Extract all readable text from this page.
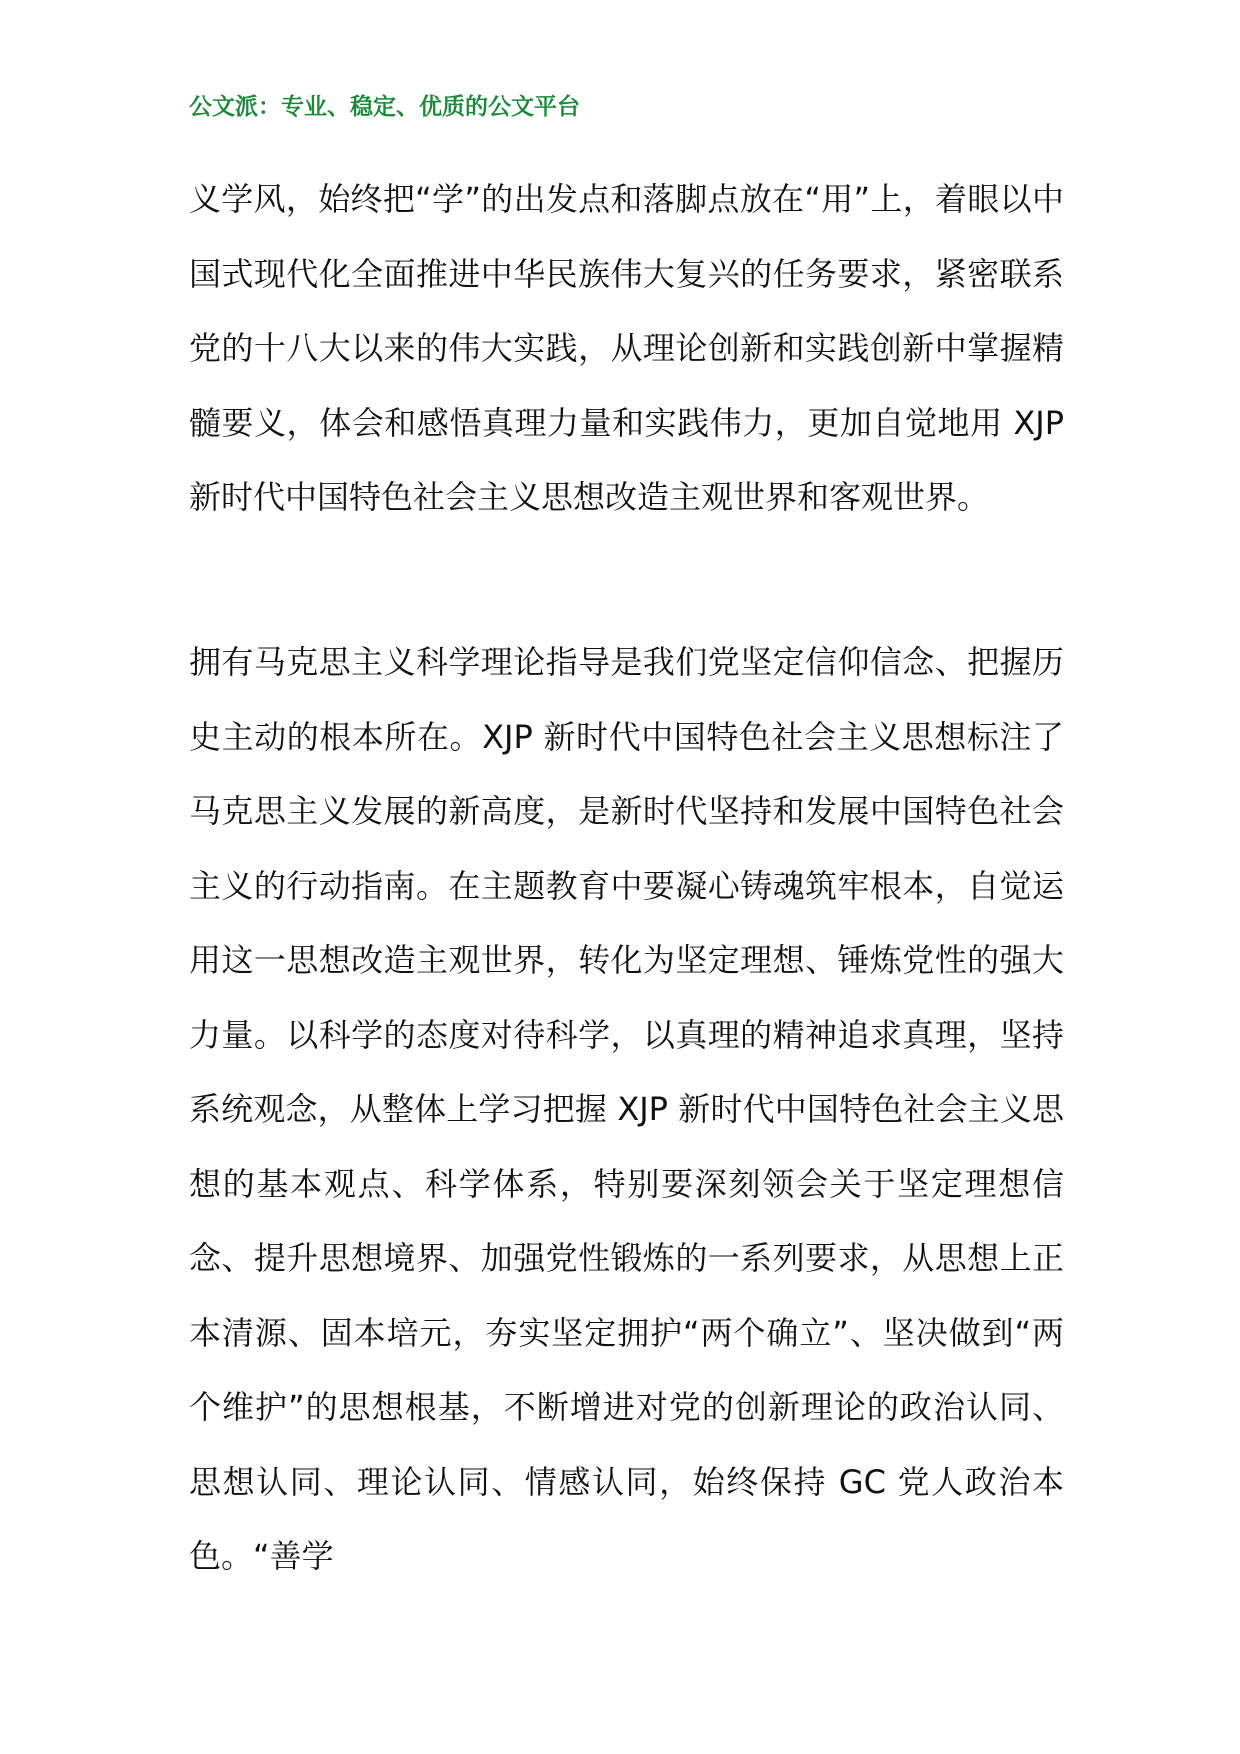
公文派：专业、稳定、优质的公文平台

义学风，始终把“学”的出发点和落脚点放在“用”上，着眼以中国式现代化全面推进中华民族伟大复兴的任务要求，紧密联系党的十八大以来的伟大实践，从理论创新和实践创新中掌握精髓要义，体会和感悟真理力量和实践伟力，更加自觉地用 XJP 新时代中国特色社会主义思想改造主观世界和客观世界。

拥有马克思主义科学理论指导是我们党坚定信仰信念、把握历史主动的根本所在。XJP 新时代中国特色社会主义思想标注了马克思主义发展的新高度，是新时代坚持和发展中国特色社会主义的行动指南。在主题教育中要凝心铸魂筑牢根本，自觉运用这一思想改造主观世界，转化为坚定理想、锤炼党性的强大力量。以科学的态度对待科学，以真理的精神追求真理，坚持系统观念，从整体上学习把握 XJP 新时代中国特色社会主义思想的基本观点、科学体系，特别要深刻领会关于坚定理想信念、提升思想境界、加强党性锻炼的一系列要求，从思想上正本清源、固本培元，夯实坚定拥护“两个确立”、坚决做到“两个维护”的思想根基，不断增进对党的创新理论的政治认同、思想认同、理论认同、情感认同，始终保持 GC 党人政治本色。“善学
